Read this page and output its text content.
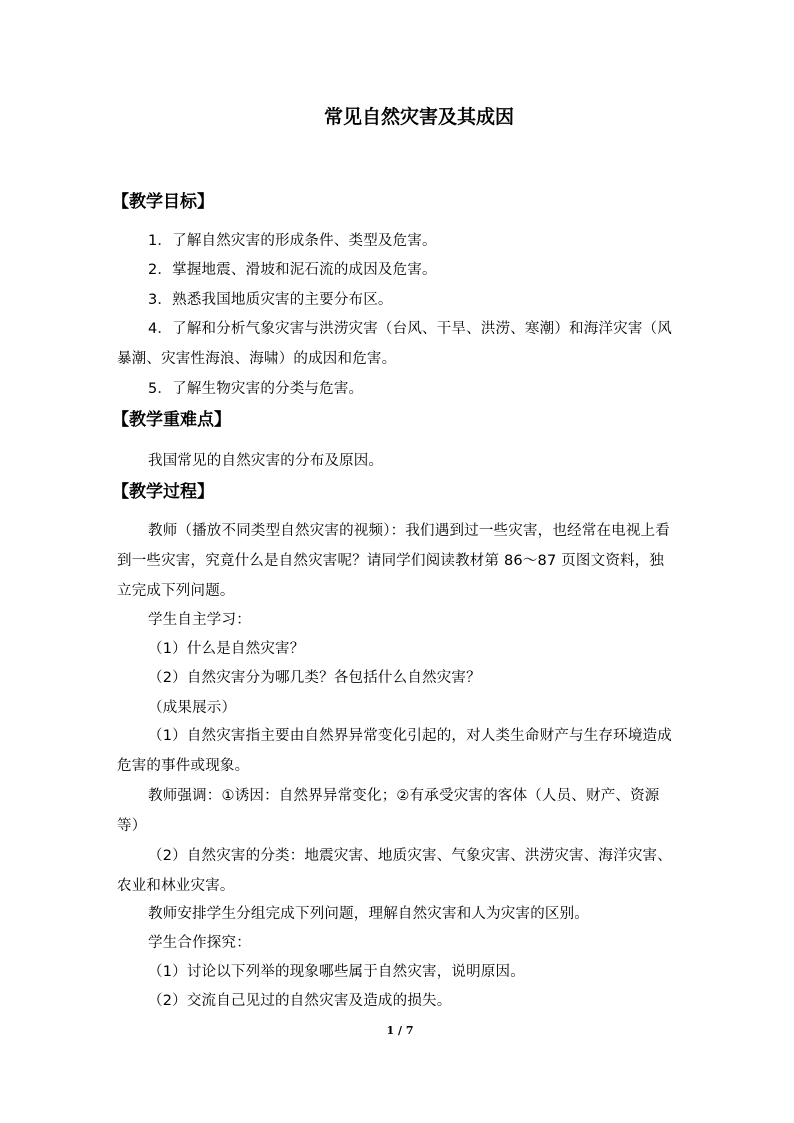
常见自然灾害及其成因
【教学目标】
1．了解自然灾害的形成条件、类型及危害。
2．掌握地震、滑坡和泥石流的成因及危害。
3．熟悉我国地质灾害的主要分布区。
4．了解和分析气象灾害与洪涝灾害（台风、干旱、洪涝、寒潮）和海洋灾害（风暴潮、灾害性海浪、海啸）的成因和危害。
5．了解生物灾害的分类与危害。
【教学重难点】
我国常见的自然灾害的分布及原因。
【教学过程】
教师（播放不同类型自然灾害的视频）：我们遇到过一些灾害，也经常在电视上看到一些灾害，究竟什么是自然灾害呢？请同学们阅读教材第 86～87 页图文资料，独立完成下列问题。
学生自主学习：
（1）什么是自然灾害？
（2）自然灾害分为哪几类？各包括什么自然灾害？
（成果展示）
（1）自然灾害指主要由自然界异常变化引起的，对人类生命财产与生存环境造成危害的事件或现象。
教师强调：①诱因：自然界异常变化；②有承受灾害的客体（人员、财产、资源等）
（2）自然灾害的分类：地震灾害、地质灾害、气象灾害、洪涝灾害、海洋灾害、农业和林业灾害。
教师安排学生分组完成下列问题，理解自然灾害和人为灾害的区别。
学生合作探究：
（1）讨论以下列举的现象哪些属于自然灾害，说明原因。
（2）交流自己见过的自然灾害及造成的损失。
1 / 7
